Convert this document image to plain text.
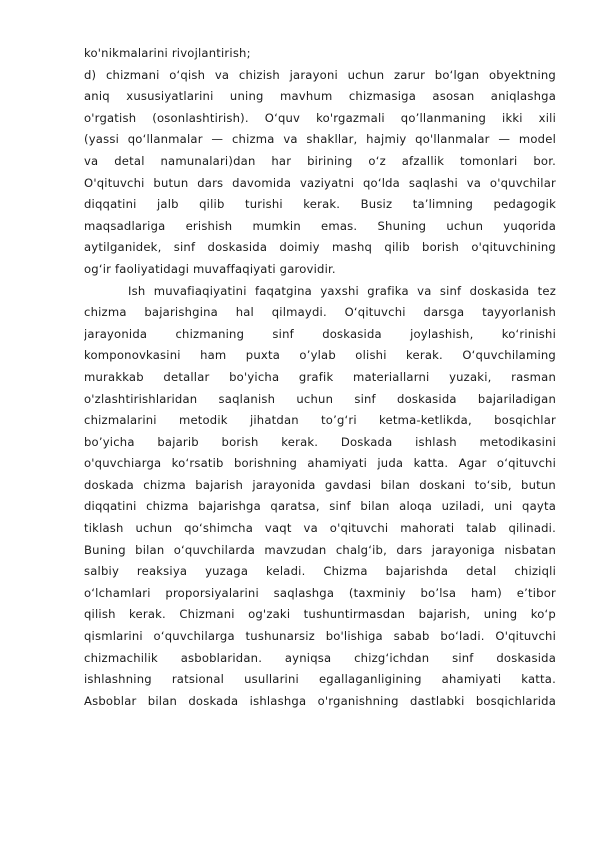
ko'nikmalarini rivojlantirish;
d) chizmani o‘qish va chizish jarayoni uchun zarur bo‘lgan obyektning
aniq xususiyatlarini uning mavhum chizmasiga asosan aniqlashga
o'rgatish (osonlashtirish). O‘quv ko'rgazmali qo’llanmaning ikki xili
(yassi qo‘llanmalar — chizma va shakllar, hajmiy qo'llanmalar — model
va detal namunalari)dan har birining o‘z afzallik tomonlari bor.
O'qituvchi butun dars davomida vaziyatni qo‘lda saqlashi va o'quvchilar
diqqatini jalb qilib turishi kerak. Busiz ta’limning pedagogik
maqsadlariga erishish mumkin emas. Shuning uchun yuqorida
aytilganidek, sinf doskasida doimiy mashq qilib borish o'qituvchining
og‘ir faoliyatidagi muvaffaqiyati garovidir.
Ish muvafiaqiyatini faqatgina yaxshi grafika va sinf doskasida tez
chizma bajarishgina hal qilmaydi. O‘qituvchi darsga tayyorlanish
jarayonida chizmaning sinf doskasida joylashish, ko‘rinishi
komponovkasini ham puxta o’ylab olishi kerak. O‘quvchilaming
murakkab detallar bo'yicha grafik materiallarni yuzaki, rasman
o'zlashtirishlaridan saqlanish uchun sinf doskasida bajariladigan
chizmalarini metodik jihatdan to’g‘ri ketma-ketlikda, bosqichlar
bo’yicha bajarib borish kerak. Doskada ishlash metodikasini
o'quvchiarga ko‘rsatib borishning ahamiyati juda katta. Agar o‘qituvchi
doskada chizma bajarish jarayonida gavdasi bilan doskani to‘sib, butun
diqqatini chizma bajarishga qaratsa, sinf bilan aloqa uziladi, uni qayta
tiklash uchun qo‘shimcha vaqt va o'qituvchi mahorati talab qilinadi.
Buning bilan o‘quvchilarda mavzudan chalg‘ib, dars jarayoniga nisbatan
salbiy reaksiya yuzaga keladi. Chizma bajarishda detal chiziqli
o‘lchamlari proporsiyalarini saqlashga (taxminiy bo’lsa ham) e’tibor
qilish kerak. Chizmani og'zaki tushuntirmasdan bajarish, uning ko‘p
qismlarini o‘quvchilarga tushunarsiz bo'lishiga sabab bo‘ladi. O'qituvchi
chizmachilik asboblaridan. ayniqsa chizg‘ichdan sinf doskasida
ishlashning ratsional usullarini egallaganligining ahamiyati katta.
Asboblar bilan doskada ishlashga o'rganishning dastlabki bosqichlarida
